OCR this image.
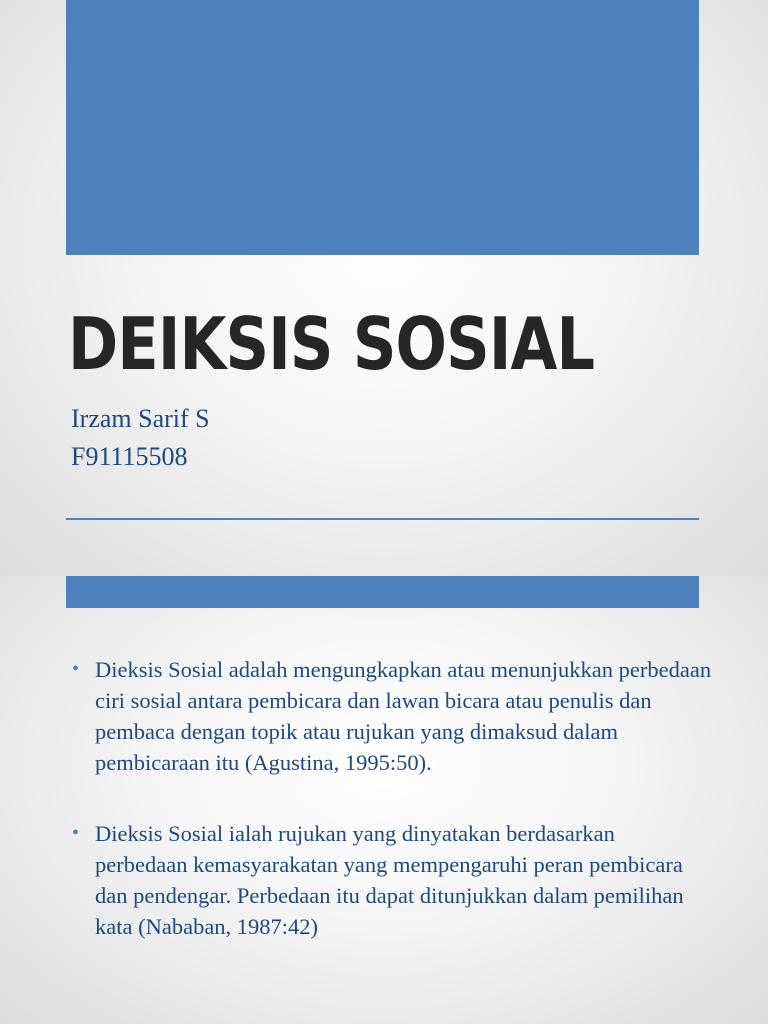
DEIKSIS SOSIAL
Irzam Sarif S
F91115508
• Dieksis Sosial adalah mengungkapkan atau menunjukkan perbedaan ciri sosial antara pembicara dan lawan bicara atau penulis dan pembaca dengan topik atau rujukan yang dimaksud dalam pembicaraan itu (Agustina, 1995:50).
• Dieksis Sosial ialah rujukan yang dinyatakan berdasarkan perbedaan kemasyarakatan yang mempengaruhi peran pembicara dan pendengar. Perbedaan itu dapat ditunjukkan dalam pemilihan kata (Nababan, 1987:42)
